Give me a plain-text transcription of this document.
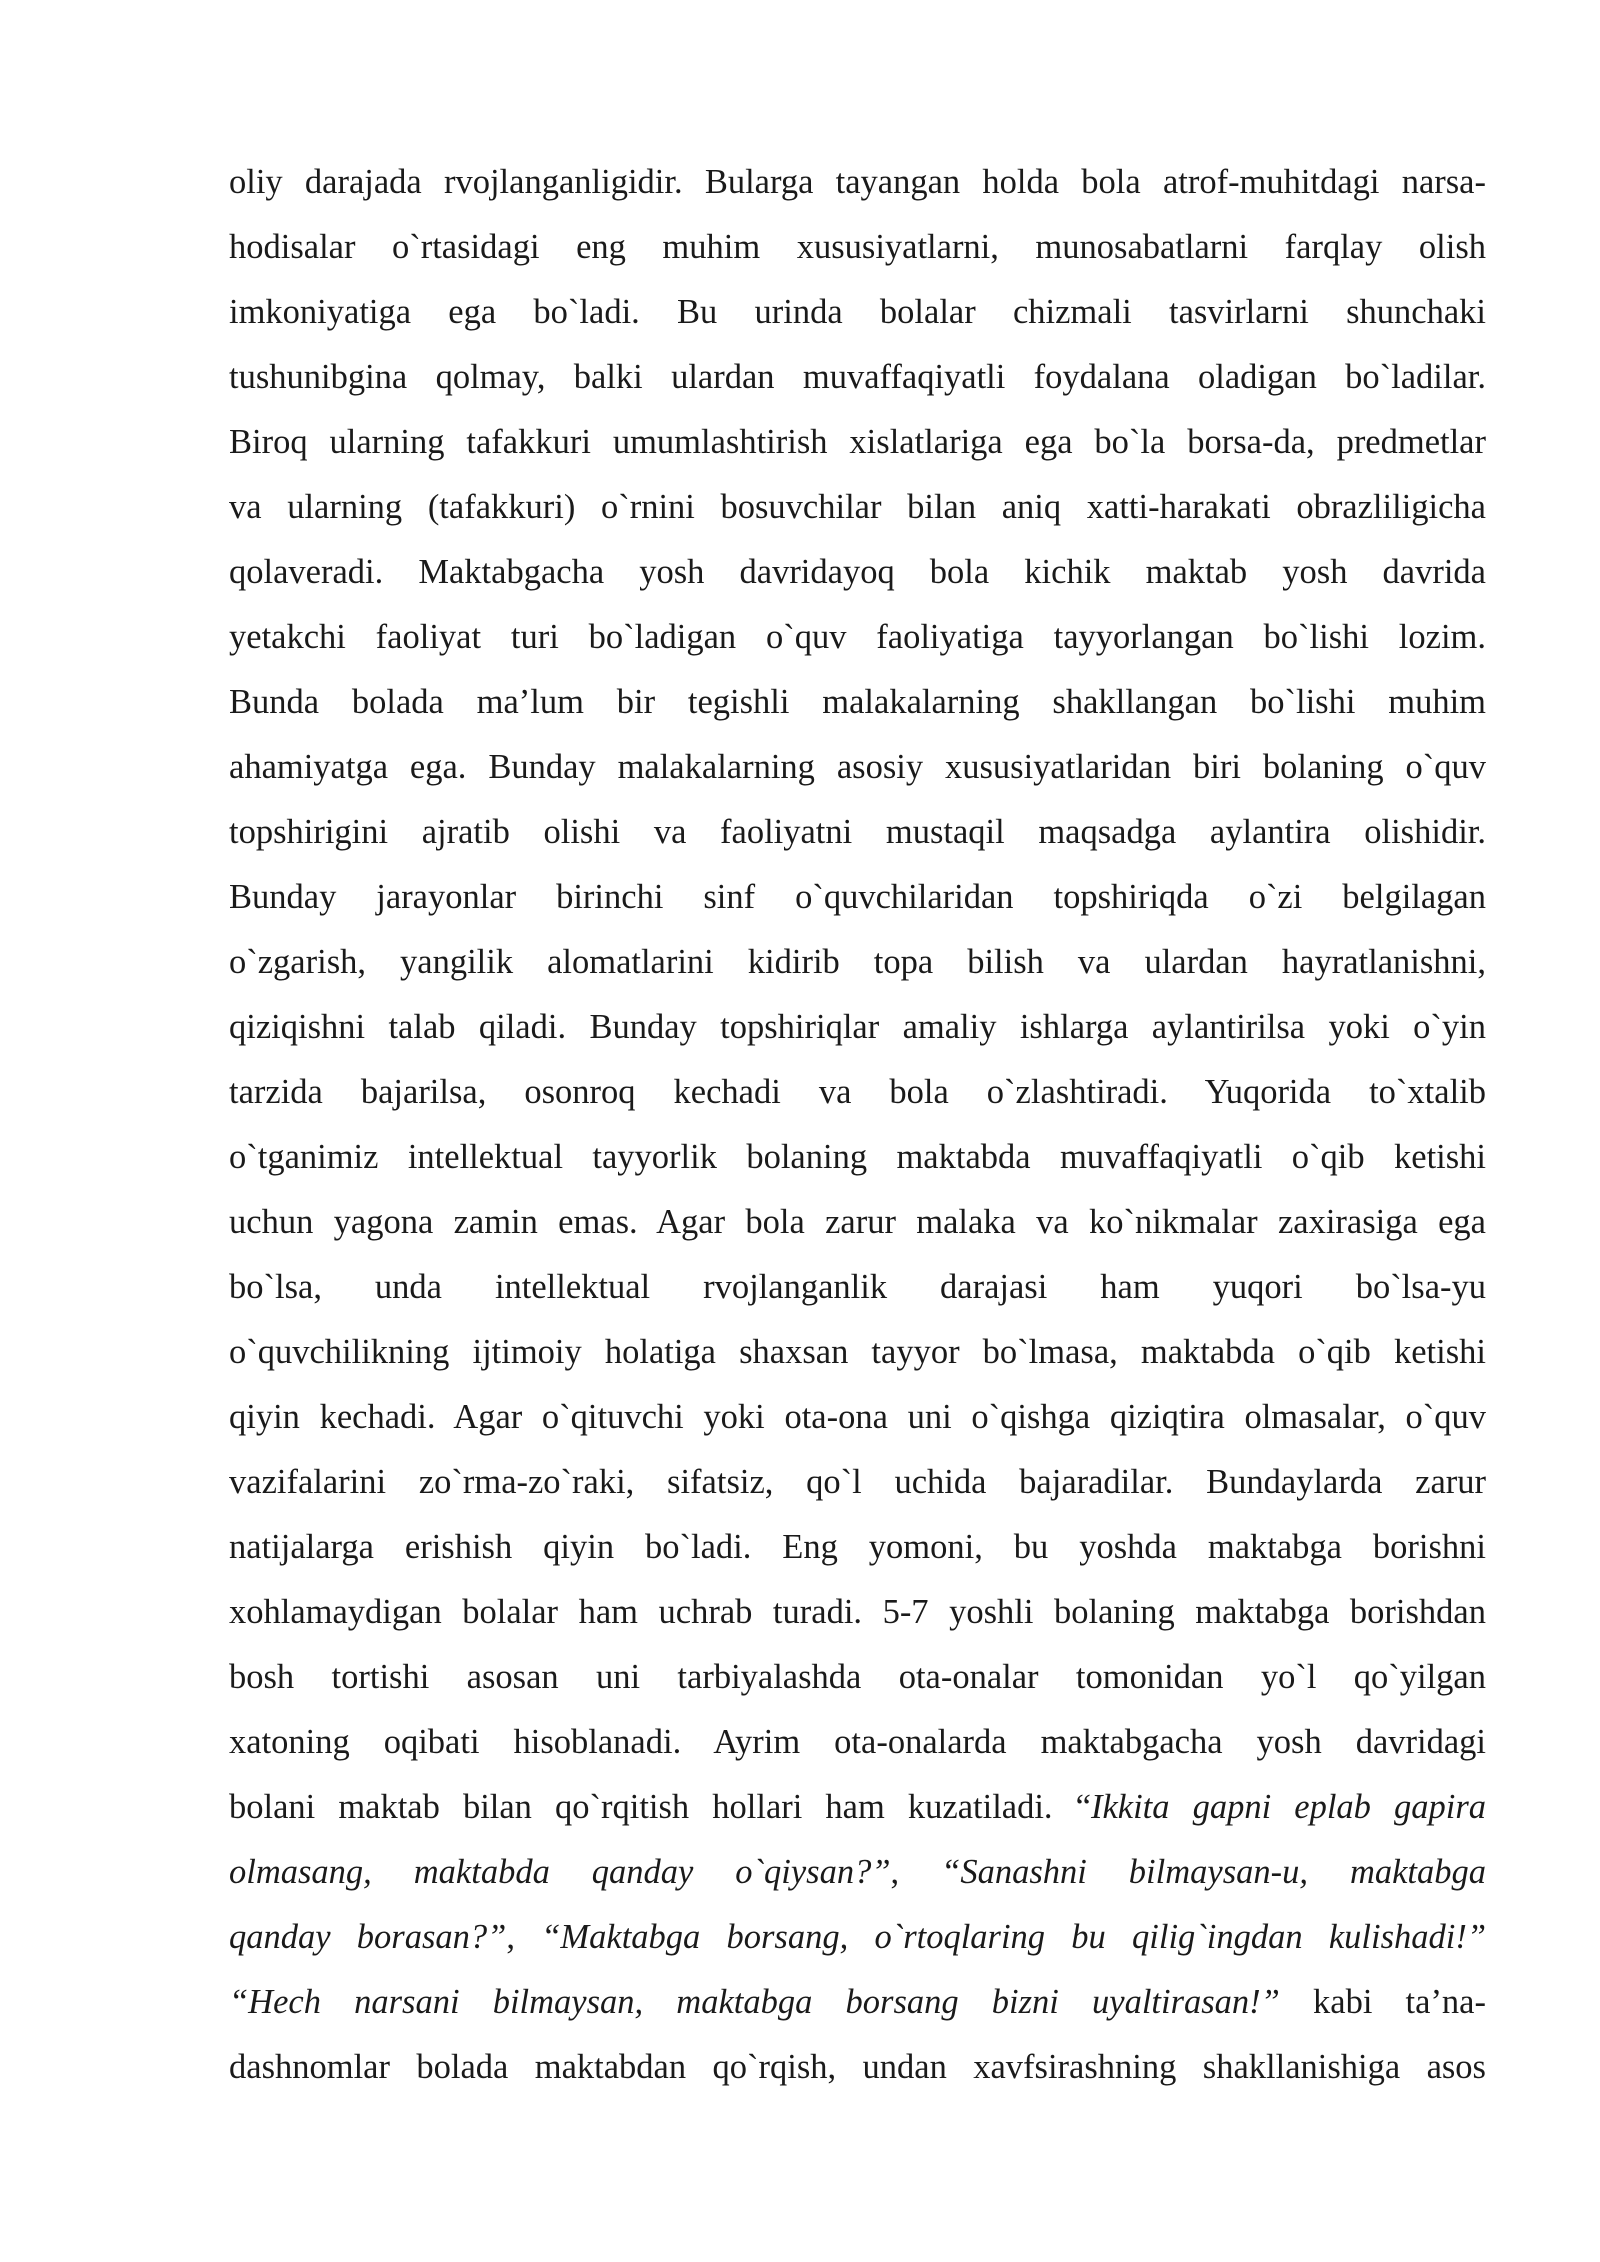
oliy darajada rvojlanganligidir. Bularga tayangan holda bola atrof-muhitdagi narsa-
hodisalar o`rtasidagi eng muhim xususiyatlarni, munosabatlarni farqlay olish
imkoniyatiga ega bo`ladi. Bu urinda bolalar chizmali tasvirlarni shunchaki
tushunibgina qolmay, balki ulardan muvaffaqiyatli foydalana oladigan bo`ladilar.
Biroq ularning tafakkuri umumlashtirish xislatlariga ega bo`la borsa-da, predmetlar
va ularning (tafakkuri) o`rnini bosuvchilar bilan aniq xatti-harakati obrazliligicha
qolaveradi. Maktabgacha yosh davridayoq bola kichik maktab yosh davrida
yetakchi faoliyat turi bo`ladigan o`quv faoliyatiga tayyorlangan bo`lishi lozim.
Bunda bolada ma’lum bir tegishli malakalarning shakllangan bo`lishi muhim
ahamiyatga ega. Bunday malakalarning asosiy xususiyatlaridan biri bolaning o`quv
topshirigini ajratib olishi va faoliyatni mustaqil maqsadga aylantira olishidir.
Bunday jarayonlar birinchi sinf o`quvchilaridan topshiriqda o`zi belgilagan
o`zgarish, yangilik alomatlarini kidirib topa bilish va ulardan hayratlanishni,
qiziqishni talab qiladi. Bunday topshiriqlar amaliy ishlarga aylantirilsa yoki o`yin
tarzida bajarilsa, osonroq kechadi va bola o`zlashtiradi. Yuqorida to`xtalib
o`tganimiz intellektual tayyorlik bolaning maktabda muvaffaqiyatli o`qib ketishi
uchun yagona zamin emas. Agar bola zarur malaka va ko`nikmalar zaxirasiga ega
bo`lsa, unda intellektual rvojlanganlik darajasi ham yuqori bo`lsa-yu
o`quvchilikning ijtimoiy holatiga shaxsan tayyor bo`lmasa, maktabda o`qib ketishi
qiyin kechadi. Agar o`qituvchi yoki ota-ona uni o`qishga qiziqtira olmasalar, o`quv
vazifalarini zo`rma-zo`raki, sifatsiz, qo`l uchida bajaradilar. Bundaylarda zarur
natijalarga erishish qiyin bo`ladi. Eng yomoni, bu yoshda maktabga borishni
xohlamaydigan bolalar ham uchrab turadi. 5-7 yoshli bolaning maktabga borishdan
bosh tortishi asosan uni tarbiyalashda ota-onalar tomonidan yo`l qo`yilgan
xatoning oqibati hisoblanadi. Ayrim ota-onalarda maktabgacha yosh davridagi
bolani maktab bilan qo`rqitish hollari ham kuzatiladi. “Ikkita gapni eplab gapira
olmasang, maktabda qanday o`qiysan?”, “Sanashni bilmaysan-u, maktabga
qanday borasan?”, “Maktabga borsang, o`rtoqlaring bu qilig`ingdan kulishadi!”
“Hech narsani bilmaysan, maktabga borsang bizni uyaltirasan!” kabi ta’na-
dashnomlar bolada maktabdan qo`rqish, undan xavfsirashning shakllanishiga asos
